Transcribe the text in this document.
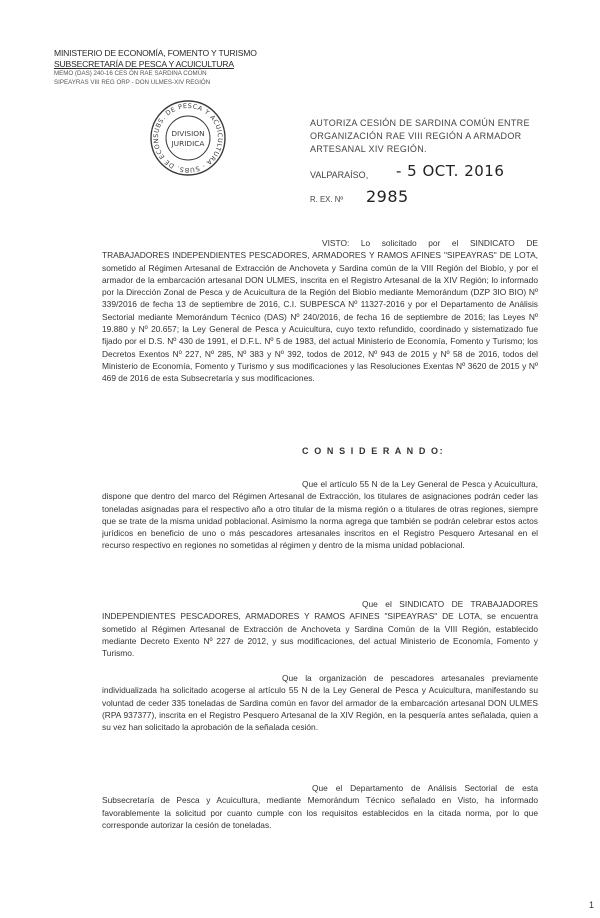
MINISTERIO DE ECONOMÍA, FOMENTO Y TURISMO
SUBSECRETARÍA DE PESCA Y ACUICULTURA
MEMO (DAS) 240-16 CES ÓN RAE SARDINA COMÚN
SIPEAYRAS VIII REG ORP - DON ULMES-XIV REGIÓN
SUBS. DE PESCA Y ACUICULTURA · SUBS. DE ECON
DIVISION
JURIDICA
AUTORIZA CESIÓN DE SARDINA COMÚN ENTRE ORGANIZACIÓN RAE VIII REGIÓN A ARMADOR ARTESANAL XIV REGIÓN.
VALPARAÍSO, - 5 OCT. 2016
R. EX. Nº 2985
VISTO: Lo solicitado por el SINDICATO DE TRABAJADORES INDEPENDIENTES PESCADORES, ARMADORES Y RAMOS AFINES "SIPEAYRAS" DE LOTA, sometido al Régimen Artesanal de Extracción de Anchoveta y Sardina común de la VIII Región del Biobío, y por el armador de la embarcación artesanal DON ULMES, inscrita en el Registro Artesanal de la XIV Región; lo informado por la Dirección Zonal de Pesca y de Acuicultura de la Región del Biobío mediante Memorándum (DZP 3IO BIO) Nº 339/2016 de fecha 13 de septiembre de 2016, C.I. SUBPESCA Nº 11327-2016 y por el Departamento de Análisis Sectorial mediante Memorándum Técnico (DAS) Nº 240/2016, de fecha 16 de septiembre de 2016; las Leyes Nº 19.880 y Nº 20.657; la Ley General de Pesca y Acuicultura, cuyo texto refundido, coordinado y sistematizado fue fijado por el D.S. Nº 430 de 1991, el D.F.L. Nº 5 de 1983, del actual Ministerio de Economía, Fomento y Turismo; los Decretos Exentos Nº 227, Nº 285, Nº 383 y Nº 392, todos de 2012, Nº 943 de 2015 y Nº 58 de 2016, todos del Ministerio de Economía, Fomento y Turismo y sus modificaciones y las Resoluciones Exentas Nº 3620 de 2015 y Nº 469 de 2016 de esta Subsecretaría y sus modificaciones.
C O N S I D E R A N D O:
Que el artículo 55 N de la Ley General de Pesca y Acuicultura, dispone que dentro del marco del Régimen Artesanal de Extracción, los titulares de asignaciones podrán ceder las toneladas asignadas para el respectivo año a otro titular de la misma región o a titulares de otras regiones, siempre que se trate de la misma unidad poblacional. Asimismo la norma agrega que también se podrán celebrar estos actos jurídicos en beneficio de uno o más pescadores artesanales inscritos en el Registro Pesquero Artesanal en el recurso respectivo en regiones no sometidas al régimen y dentro de la misma unidad poblacional.
Que el SINDICATO DE TRABAJADORES INDEPENDIENTES PESCADORES, ARMADORES Y RAMOS AFINES "SIPEAYRAS" DE LOTA, se encuentra sometido al Régimen Artesanal de Extracción de Anchoveta y Sardina Común de la VIII Región, establecido mediante Decreto Exento Nº 227 de 2012, y sus modificaciones, del actual Ministerio de Economía, Fomento y Turismo.
Que la organización de pescadores artesanales previamente individualizada ha solicitado acogerse al artículo 55 N de la Ley General de Pesca y Acuicultura, manifestando su voluntad de ceder 335 toneladas de Sardina común en favor del armador de la embarcación artesanal DON ULMES (RPA 937377), inscrita en el Registro Pesquero Artesanal de la XIV Región, en la pesquería antes señalada, quien a su vez han solicitado la aprobación de la señalada cesión.
Que el Departamento de Análisis Sectorial de esta Subsecretaría de Pesca y Acuicultura, mediante Memorándum Técnico señalado en Visto, ha informado favorablemente la solicitud por cuanto cumple con los requisitos establecidos en la citada norma, por lo que corresponde autorizar la cesión de toneladas.
1
